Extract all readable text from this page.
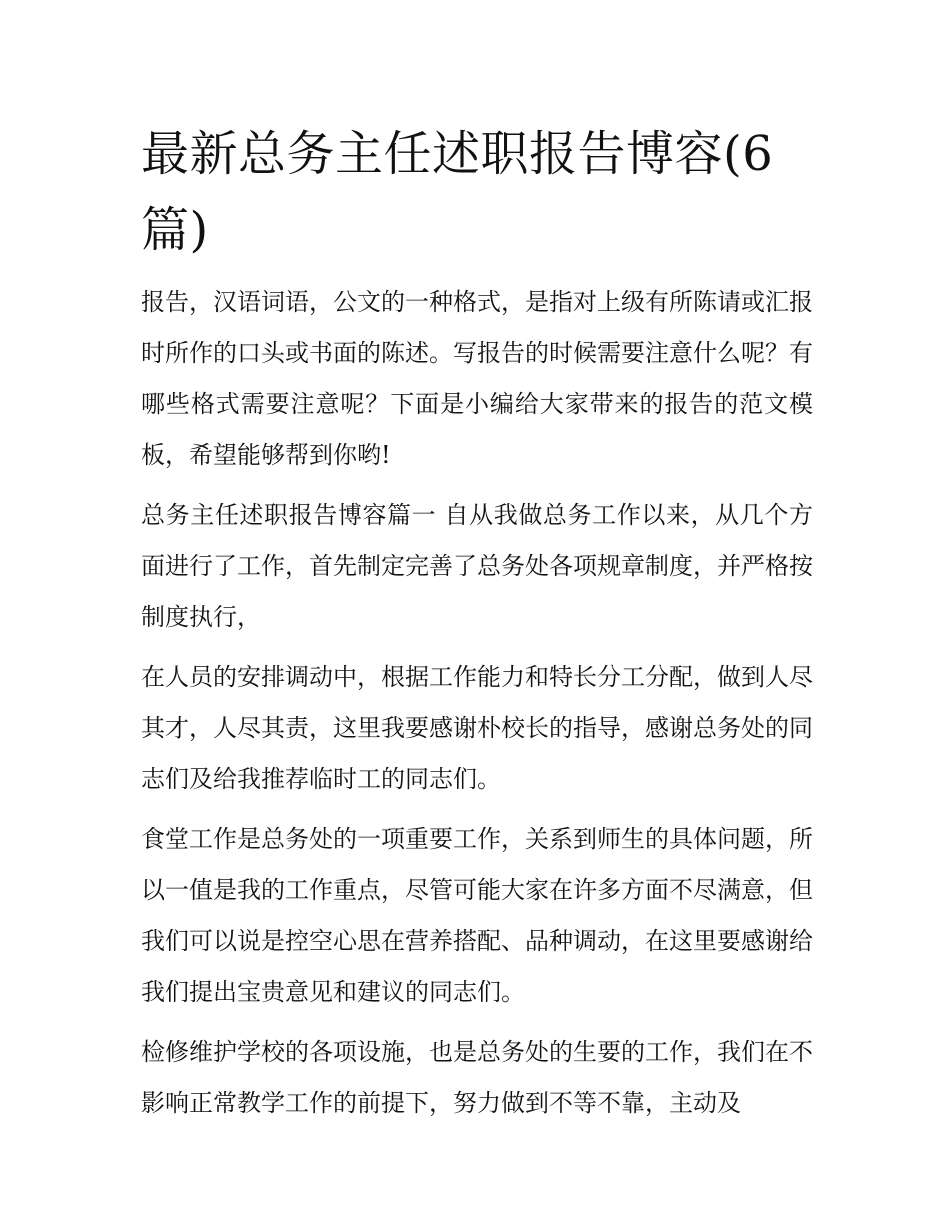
最新总务主任述职报告博容(6篇)

报告，汉语词语，公文的一种格式，是指对上级有所陈请或汇报时所作的口头或书面的陈述。写报告的时候需要注意什么呢？有哪些格式需要注意呢？下面是小编给大家带来的报告的范文模板，希望能够帮到你哟!

总务主任述职报告博容篇一 自从我做总务工作以来，从几个方面进行了工作，首先制定完善了总务处各项规章制度，并严格按制度执行，

在人员的安排调动中，根据工作能力和特长分工分配，做到人尽其才，人尽其责，这里我要感谢朴校长的指导，感谢总务处的同志们及给我推荐临时工的同志们。

食堂工作是总务处的一项重要工作，关系到师生的具体问题，所以一值是我的工作重点，尽管可能大家在许多方面不尽满意，但我们可以说是控空心思在营养搭配、品种调动，在这里要感谢给我们提出宝贵意见和建议的同志们。

检修维护学校的各项设施，也是总务处的生要的工作，我们在不影响正常教学工作的前提下，努力做到不等不靠，主动及
